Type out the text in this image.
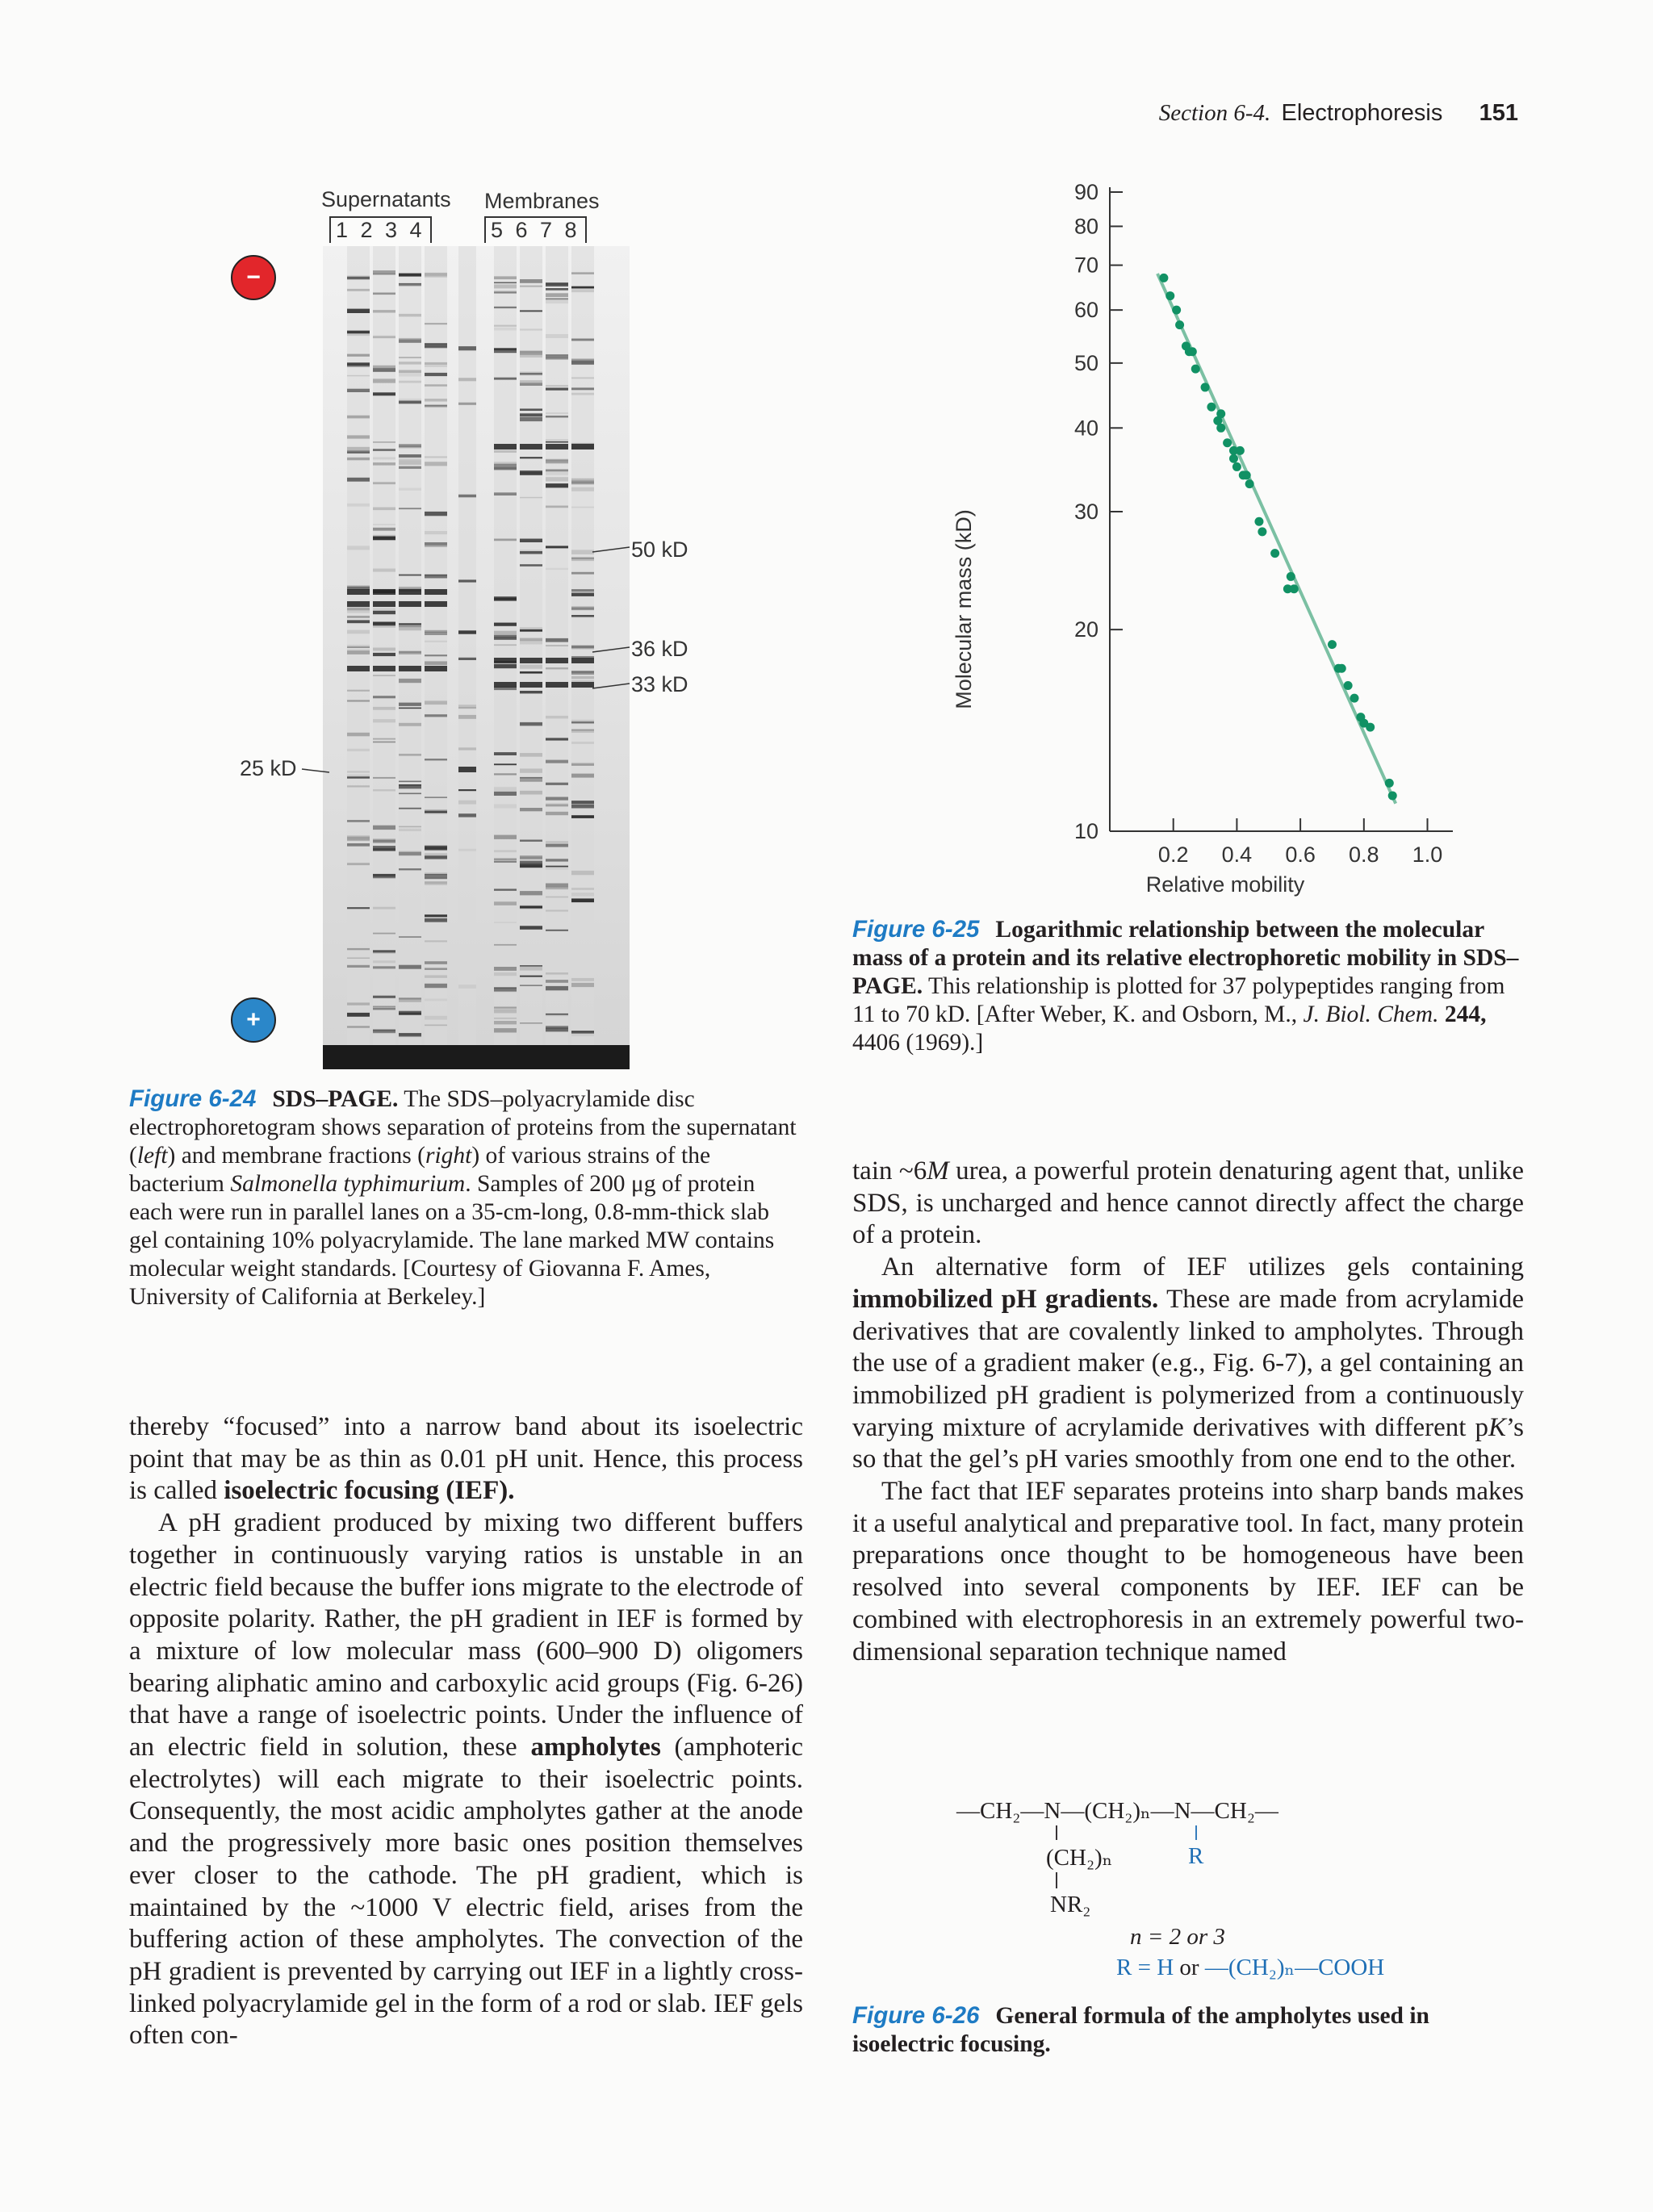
Section 6-4. Electrophoresis 151
Supernatants Membranes
1 2 3 4	5 6 7 8
−
+
50 kD
36 kD
33 kD
25 kD
Figure 6-24 SDS–PAGE. The SDS–polyacrylamide disc electrophoretogram shows separation of proteins from the supernatant (left) and membrane fractions (right) of various strains of the bacterium Salmonella typhimurium. Samples of 200 μg of protein each were run in parallel lanes on a 35-cm-long, 0.8-mm-thick slab gel containing 10% polyacrylamide. The lane marked MW contains molecular weight standards. [Courtesy of Giovanna F. Ames, University of California at Berkeley.]
10
20
30
40
50
60
70
80
90
0.2 0.4 0.6 0.8 1.0
Molecular mass (kD)
Relative mobility
Figure 6-25 Logarithmic relationship between the molecular mass of a protein and its relative electrophoretic mobility in SDS–PAGE. This relationship is plotted for 37 polypeptides ranging from 11 to 70 kD. [After Weber, K. and Osborn, M., J. Biol. Chem. 244, 4406 (1969).]

thereby “focused” into a narrow band about its isoelectric point that may be as thin as 0.01 pH unit. Hence, this process is called isoelectric focusing (IEF).

A pH gradient produced by mixing two different buffers together in continuously varying ratios is unstable in an electric field because the buffer ions migrate to the electrode of opposite polarity. Rather, the pH gradient in IEF is formed by a mixture of low molecular mass (600–900 D) oligomers bearing aliphatic amino and carboxylic acid groups (Fig. 6-26) that have a range of isoelectric points. Under the influence of an electric field in solution, these ampholytes (amphoteric electrolytes) will each migrate to their isoelectric points. Consequently, the most acidic ampholytes gather at the anode and the progressively more basic ones position themselves ever closer to the cathode. The pH gradient, which is maintained by the ~1000 V electric field, arises from the buffering action of these ampholytes. The convection of the pH gradient is prevented by carrying out IEF in a lightly cross-linked polyacrylamide gel in the form of a rod or slab. IEF gels often con-

tain ~6M urea, a powerful protein denaturing agent that, unlike SDS, is uncharged and hence cannot directly affect the charge of a protein.

An alternative form of IEF utilizes gels containing immobilized pH gradients. These are made from acrylamide derivatives that are covalently linked to ampholytes. Through the use of a gradient maker (e.g., Fig. 6-7), a gel containing an immobilized pH gradient is polymerized from a continuously varying mixture of acrylamide derivatives with different pK’s so that the gel’s pH varies smoothly from one end to the other.

The fact that IEF separates proteins into sharp bands makes it a useful analytical and preparative tool. In fact, many protein preparations once thought to be homogeneous have been resolved into several components by IEF. IEF can be combined with electrophoresis in an extremely powerful two-dimensional separation technique named

—CH₂—N—(CH₂)ₙ—N—CH₂—
(CH₂)ₙ	R
NR₂
n = 2 or 3
R = H or —(CH₂)ₙ—COOH
Figure 6-26 General formula of the ampholytes used in isoelectric focusing.
